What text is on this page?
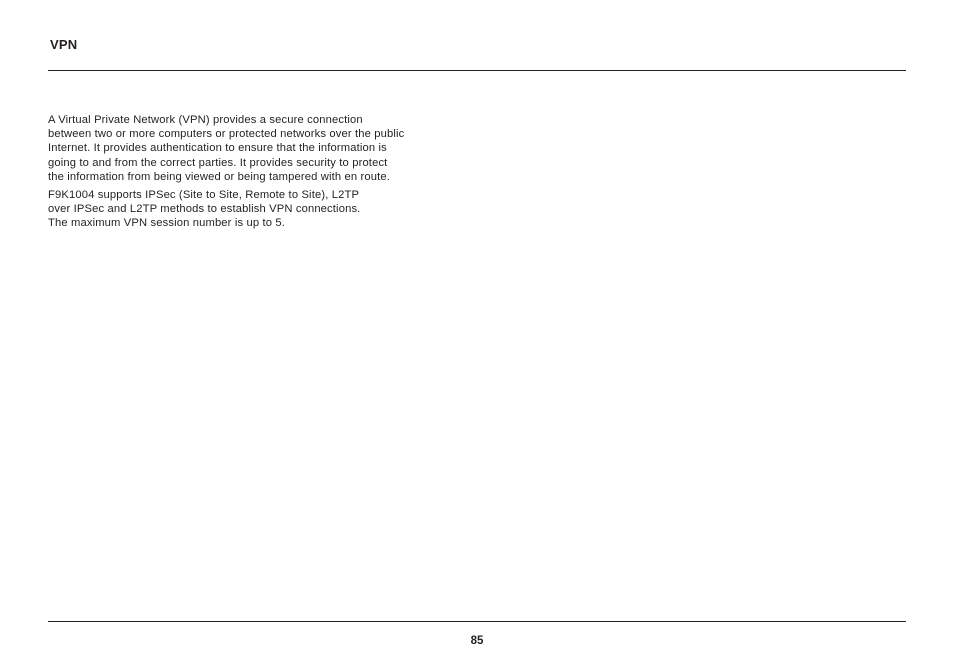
VPN

A Virtual Private Network (VPN) provides a secure connection
between two or more computers or protected networks over the public
Internet. It provides authentication to ensure that the information is
going to and from the correct parties. It provides security to protect
the information from being viewed or being tampered with en route.

F9K1004 supports IPSec (Site to Site, Remote to Site), L2TP
over IPSec and L2TP methods to establish VPN connections.
The maximum VPN session number is up to 5.

85
